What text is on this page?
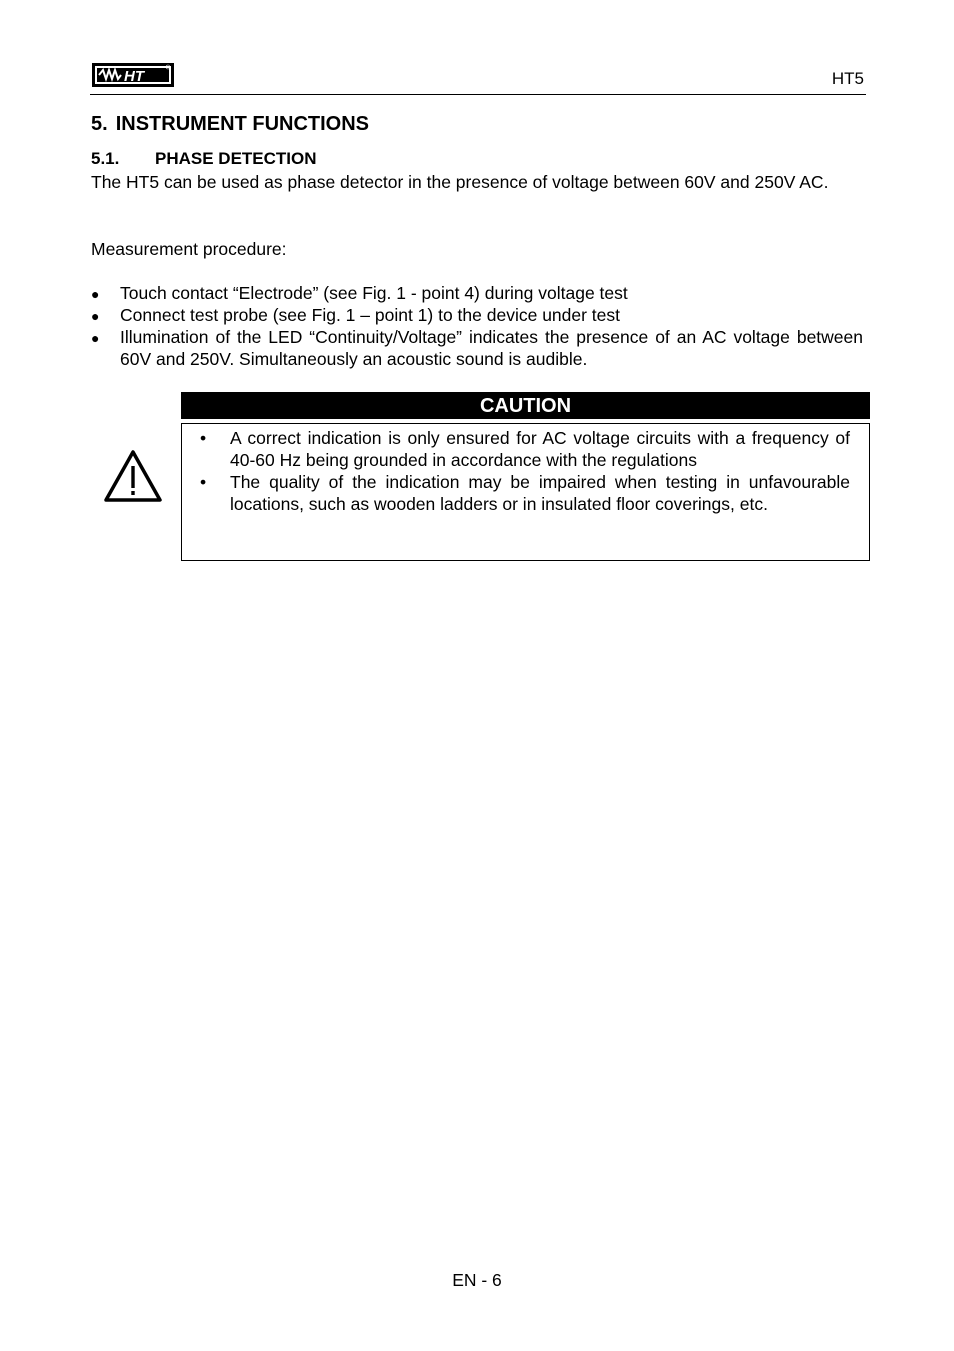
HT	HT5
5. INSTRUMENT FUNCTIONS
5.1. PHASE DETECTION
The HT5 can be used as phase detector in the presence of voltage between 60V and 250V AC.
Measurement procedure:
● Touch contact “Electrode” (see Fig. 1 - point 4) during voltage test
● Connect test probe (see Fig. 1 – point 1) to the device under test
● Illumination of the LED “Continuity/Voltage” indicates the presence of an AC voltage between 60V and 250V. Simultaneously an acoustic sound is audible.
CAUTION
• A correct indication is only ensured for AC voltage circuits with a frequency of 40-60 Hz being grounded in accordance with the regulations
• The quality of the indication may be impaired when testing in unfavourable locations, such as wooden ladders or in insulated floor coverings, etc.
EN - 6
